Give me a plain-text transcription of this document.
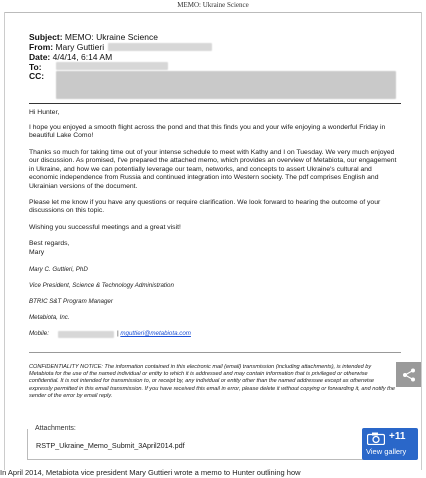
MEMO: Ukraine Science
Subject: MEMO: Ukraine Science
From: Mary Guttieri
Date: 4/4/14, 6:14 AM
To:
CC:

Hi Hunter,

I hope you enjoyed a smooth flight across the pond and that this finds you and your wife enjoying a wonderful Friday in beautiful Lake Como!

Thanks so much for taking time out of your intense schedule to meet with Kathy and I on Tuesday. We very much enjoyed our discussion. As promised, I've prepared the attached memo, which provides an overview of Metabiota, our engagement in Ukraine, and how we can potentially leverage our team, networks, and concepts to assert Ukraine's cultural and economic independence from Russia and continued integration into Western society. The pdf comprises English and Ukrainian versions of the document.

Please let me know if you have any questions or require clarification. We look forward to hearing the outcome of your discussions on this topic.

Wishing you successful meetings and a great visit!

Best regards,

Mary

Mary C. Guttieri, PhD
Vice President, Science & Technology Administration
BTRIC S&T Program Manager
Metabiota, Inc.
Mobile:	| mguttieri@metabiota.com

CONFIDENTIALITY NOTICE: The information contained in this electronic mail (email) transmission (including attachments), is intended by Metabiota for the use of the named individual or entity to which it is addressed and may contain information that is privileged or otherwise confidential. It is not intended for transmission to, or receipt by, any individual or entity other than the named addressee except as otherwise expressly permitted in this email transmission. If you have received this email in error, please delete it without copying or forwarding it, and notify the sender of the error by email reply.

Attachments:
RSTP_Ukraine_Memo_Submit_3April2014.pdf
+11
View gallery
In April 2014, Metabiota vice president Mary Guttieri wrote a memo to Hunter outlining how
